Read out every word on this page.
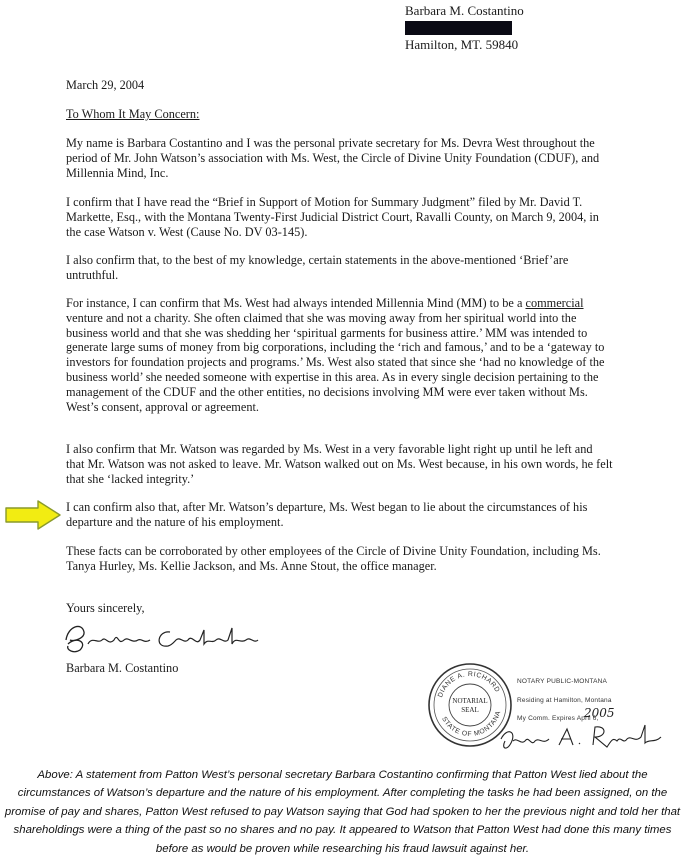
Barbara M. Costantino
Hamilton, MT. 59840
March 29, 2004
To Whom It May Concern:
My name is Barbara Costantino and I was the personal private secretary for Ms. Devra West throughout the period of Mr. John Watson’s association with Ms. West, the Circle of Divine Unity Foundation (CDUF), and Millennia Mind, Inc.
I confirm that I have read the “Brief in Support of Motion for Summary Judgment” filed by Mr. David T. Markette, Esq., with the Montana Twenty-First Judicial District Court, Ravalli County, on March 9, 2004, in the case Watson v. West (Cause No. DV 03-145).
I also confirm that, to the best of my knowledge, certain statements in the above-mentioned ‘Brief’are untruthful.
For instance, I can confirm that Ms. West had always intended Millennia Mind (MM) to be a commercial venture and not a charity. She often claimed that she was moving away from her spiritual world into the business world and that she was shedding her ‘spiritual garments for business attire.’ MM was intended to generate large sums of money from big corporations, including the ‘rich and famous,’ and to be a ‘gateway to investors for foundation projects and programs.’ Ms. West also stated that since she ‘had no knowledge of the business world’ she needed someone with expertise in this area. As in every single decision pertaining to the management of the CDUF and the other entities, no decisions involving MM were ever taken without Ms. West’s consent, approval or agreement.
I also confirm that Mr. Watson was regarded by Ms. West in a very favorable light right up until he left and that Mr. Watson was not asked to leave. Mr. Watson walked out on Ms. West because, in his own words, he felt that she ‘lacked integrity.’
I can confirm also that, after Mr. Watson’s departure, Ms. West began to lie about the circumstances of his departure and the nature of his employment.
These facts can be corroborated by other employees of the Circle of Divine Unity Foundation, including Ms. Tanya Hurley, Ms. Kellie Jackson, and Ms. Anne Stout, the office manager.
Yours sincerely,
Barbara M. Costantino
DIANE A. RICHARD
STATE OF MONTANA
NOTARIAL
SEAL
NOTARY PUBLIC-MONTANA
Residing at Hamilton, Montana
My Comm. Expires April 6,
2005
Above: A statement from Patton West’s personal secretary Barbara Costantino confirming that Patton West lied about the circumstances of Watson’s departure and the nature of his employment. After completing the tasks he had been assigned, on the promise of pay and shares, Patton West refused to pay Watson saying that God had spoken to her the previous night and told her that shareholdings were a thing of the past so no shares and no pay. It appeared to Watson that Patton West had done this many times before as would be proven while researching his fraud lawsuit against her.
